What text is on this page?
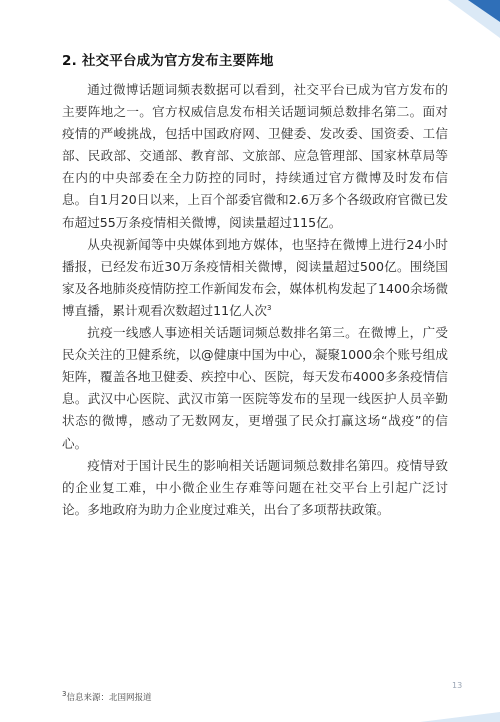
2. 社交平台成为官方发布主要阵地

通过微博话题词频表数据可以看到，社交平台已成为官方发布的主要阵地之一。官方权威信息发布相关话题词频总数排名第二。面对疫情的严峻挑战，包括中国政府网、卫健委、发改委、国资委、工信部、民政部、交通部、教育部、文旅部、应急管理部、国家林草局等在内的中央部委在全力防控的同时，持续通过官方微博及时发布信息。自1月20日以来，上百个部委官微和2.6万多个各级政府官微已发布超过55万条疫情相关微博，阅读量超过115亿。

从央视新闻等中央媒体到地方媒体，也坚持在微博上进行24小时播报，已经发布近30万条疫情相关微博，阅读量超过500亿。围绕国家及各地肺炎疫情防控工作新闻发布会，媒体机构发起了1400余场微博直播，累计观看次数超过11亿人次$^3$

抗疫一线感人事迹相关话题词频总数排名第三。在微博上，广受民众关注的卫健系统，以@健康中国为中心，凝聚1000余个账号组成矩阵，覆盖各地卫健委、疾控中心、医院，每天发布4000多条疫情信息。武汉中心医院、武汉市第一医院等发布的呈现一线医护人员辛勤状态的微博，感动了无数网友，更增强了民众打赢这场“战疫”的信心。

疫情对于国计民生的影响相关话题词频总数排名第四。疫情导致的企业复工难，中小微企业生存难等问题在社交平台上引起广泛讨论。多地政府为助力企业度过难关，出台了多项帮扶政策。

13
$^3$信息来源：北国网报道
